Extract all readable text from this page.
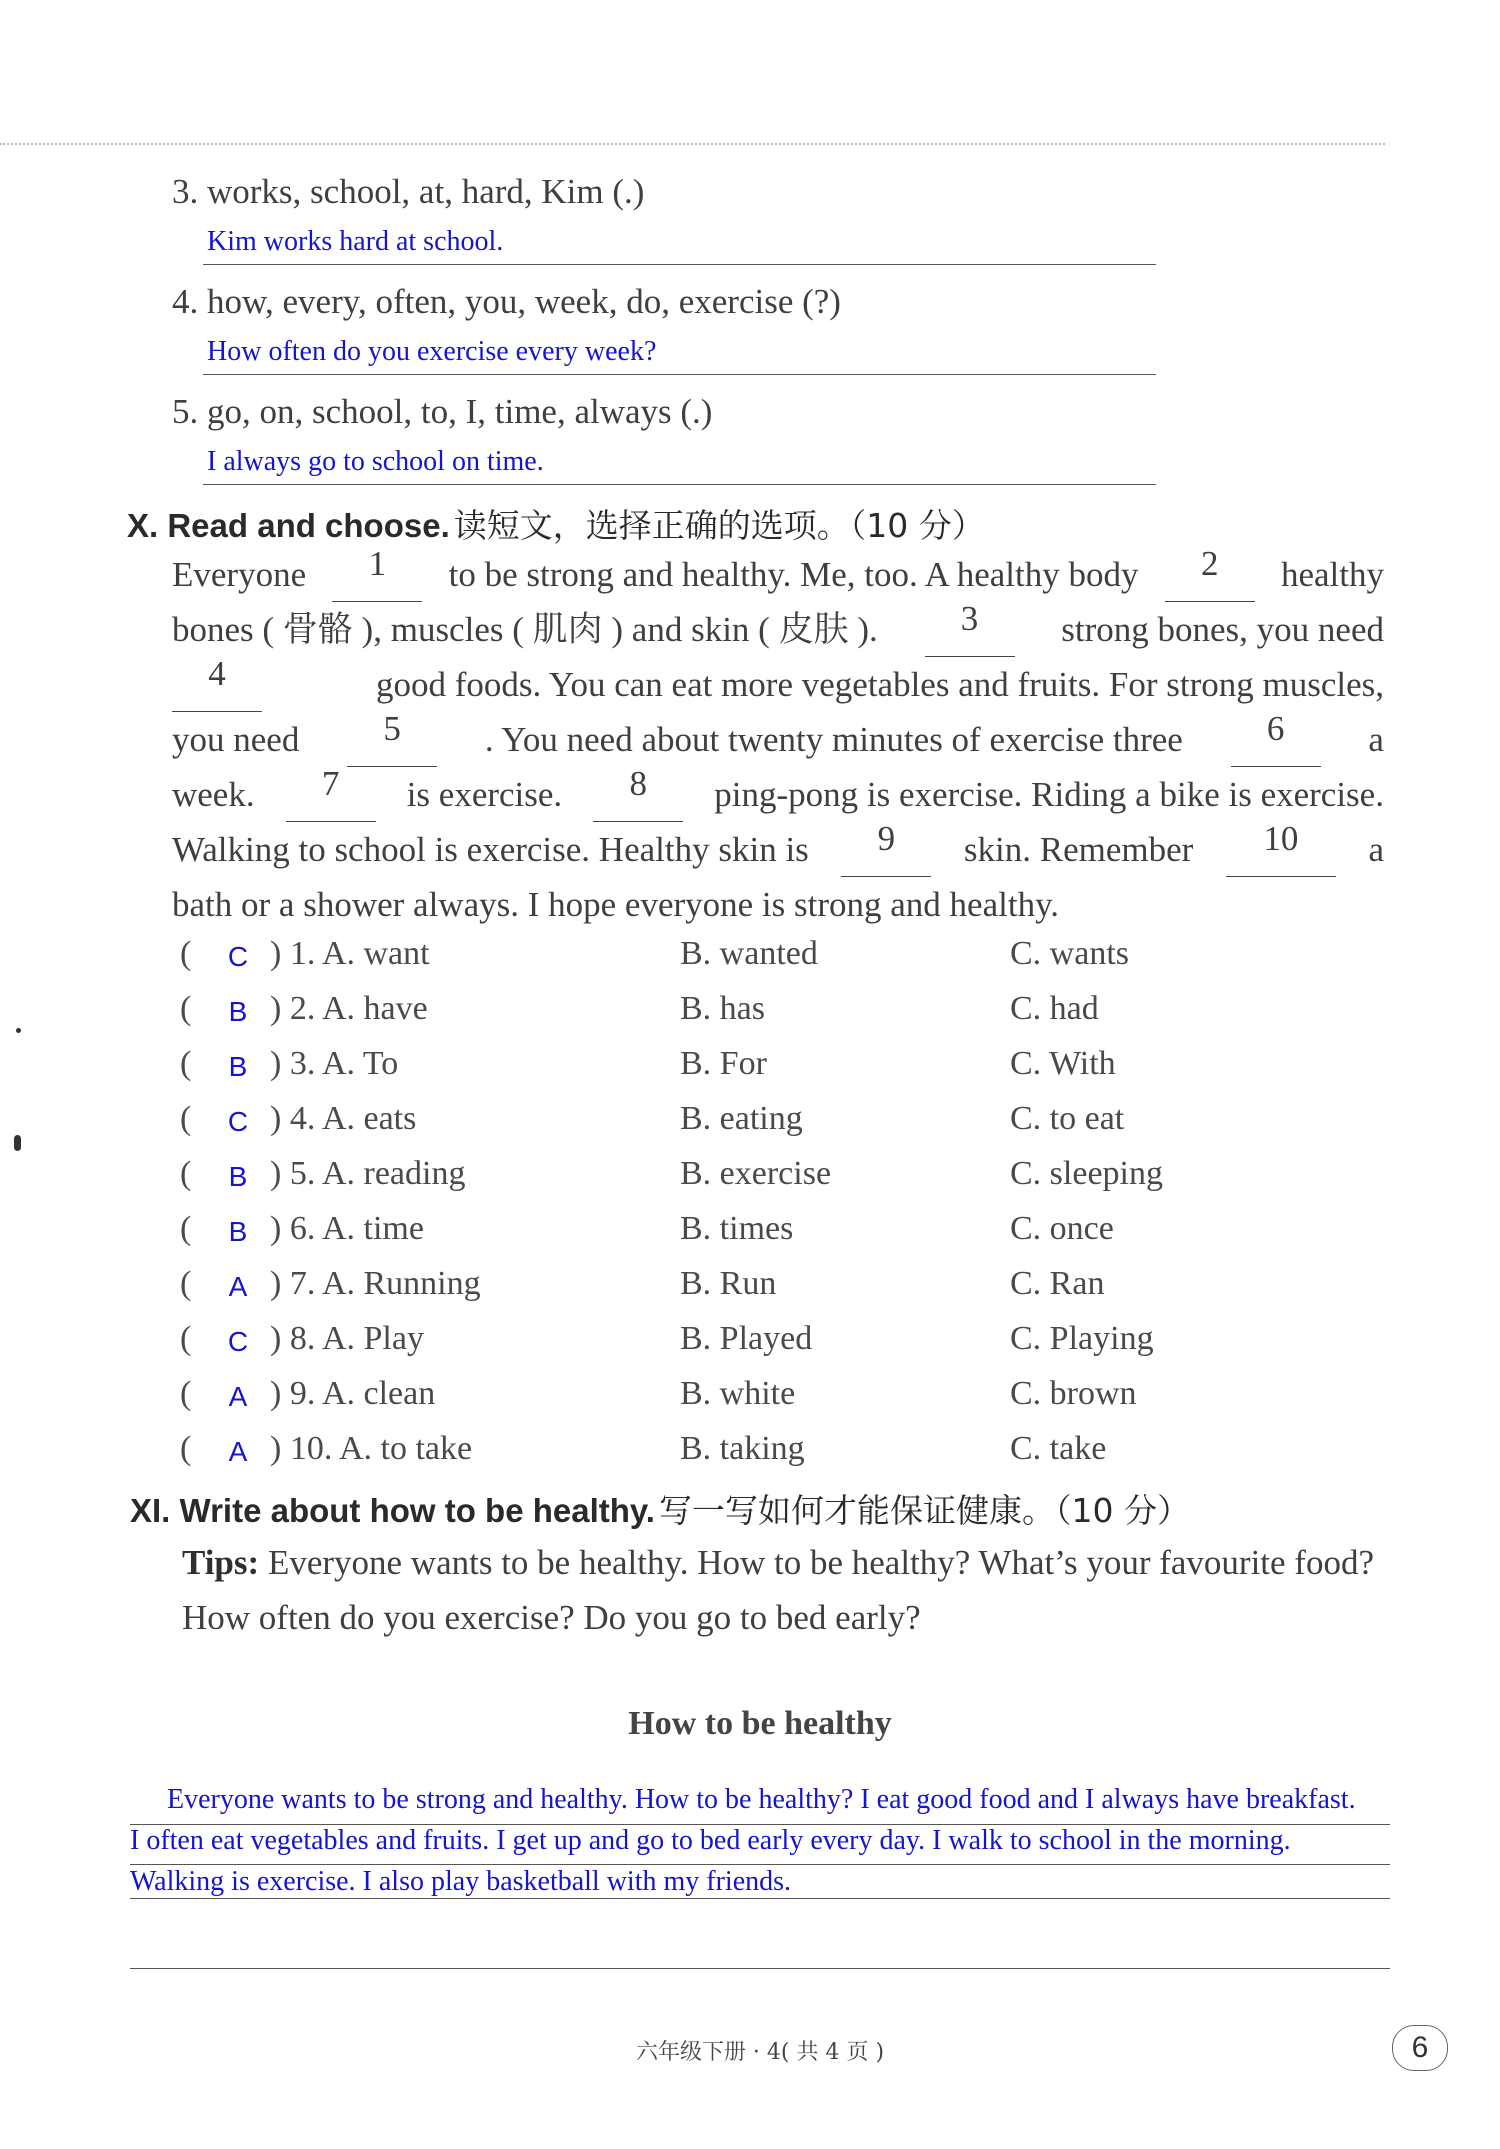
3. works, school, at, hard, Kim (.)
Kim works hard at school.
4. how, every, often, you, week, do, exercise (?)
How often do you exercise every week?
5. go, on, school, to, I, time, always (.)
I always go to school on time.
X. Read and choose. 读短文，选择正确的选项。（10 分）
Everyone	1	to be strong and healthy. Me, too. A healthy body	2	healthy
bones ( 骨骼 ), muscles ( 肌肉 ) and skin ( 皮肤 ).	3	strong bones, you need
4	good foods. You can eat more vegetables and fruits. For strong muscles,
you need	5	. You need about twenty minutes of exercise three	6	a
week.	7	is exercise.	8	ping-pong is exercise. Riding a bike is exercise.
Walking to school is exercise. Healthy skin is	9	skin. Remember	10	a
bath or a shower always. I hope everyone is strong and healthy.
( C ) 1. A. want	B. wanted	C. wants
(	B ) 2. A. have	B. has	C. had
(	B ) 3. A. To	B. For	C. With
( C ) 4. A. eats	B. eating	C. to eat
(	B ) 5. A. reading	B. exercise	C. sleeping
(	B ) 6. A. time	B. times	C. once
(	A ) 7. A. Running	B. Run	C. Ran
( C ) 8. A. Play	B. Played	C. Playing
(	A ) 9. A. clean	B. white	C. brown
(	A ) 10. A. to take	B. taking	C. take
XI. Write about how to be healthy. 写一写如何才能保证健康。（10 分）
Tips: Everyone wants to be healthy. How to be healthy? What’s your favourite food? How often do you exercise? Do you go to bed early?
How to be healthy
Everyone wants to be strong and healthy. How to be healthy? I eat good food and I always have breakfast.
I often eat vegetables and fruits. I get up and go to bed early every day. I walk to school in the morning.
Walking is exercise. I also play basketball with my friends.
六年级下册 · 4( 共 4 页 )	6
